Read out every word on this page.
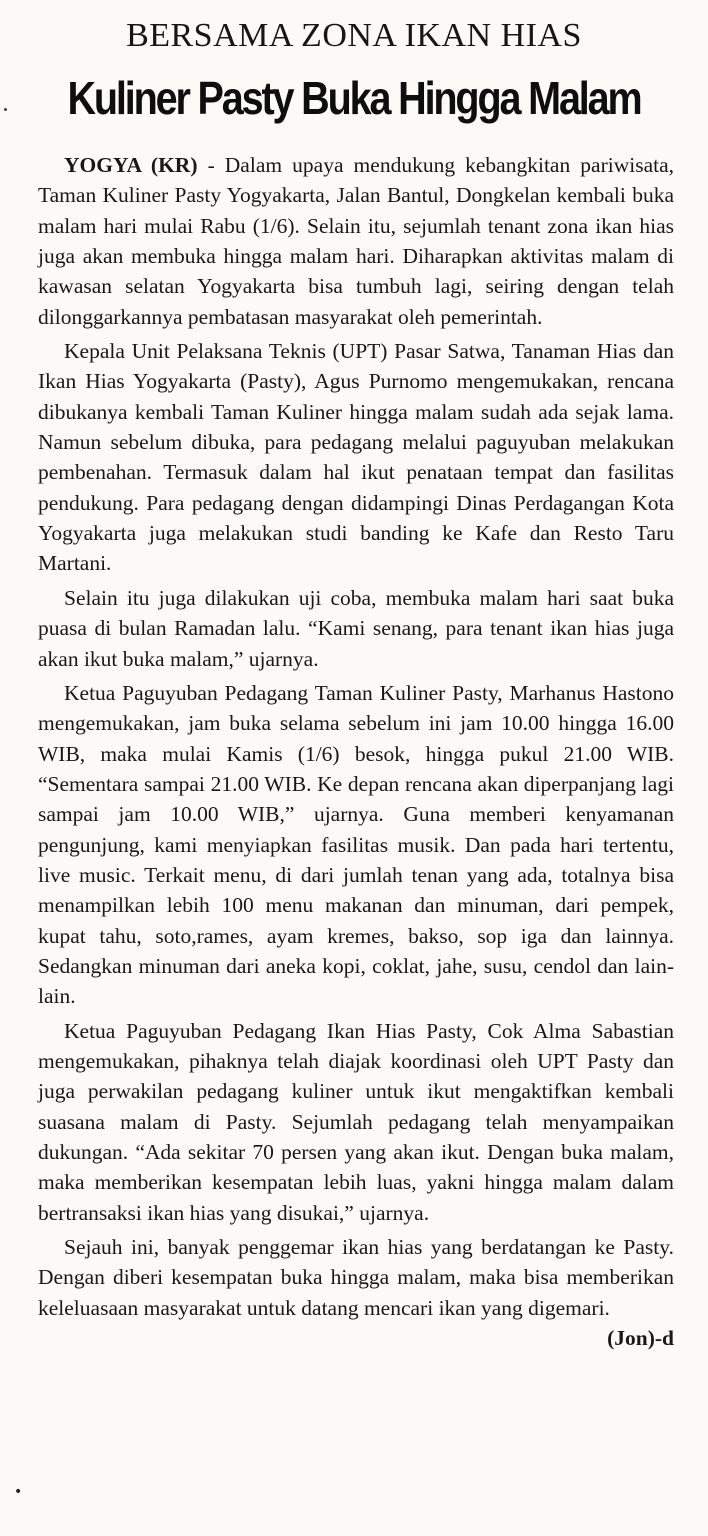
BERSAMA ZONA IKAN HIAS
Kuliner Pasty Buka Hingga Malam

YOGYA (KR) - Dalam upaya mendukung kebangkitan pariwisata, Taman Kuliner Pasty Yogyakarta, Jalan Bantul, Dongkelan kembali buka malam hari mulai Rabu (1/6). Selain itu, sejumlah tenant zona ikan hias juga akan membuka hingga malam hari. Diharapkan aktivitas malam di kawasan selatan Yogyakarta bisa tumbuh lagi, seiring dengan telah dilonggarkannya pembatasan masyarakat oleh pemerintah.

Kepala Unit Pelaksana Teknis (UPT) Pasar Satwa, Tanaman Hias dan Ikan Hias Yogyakarta (Pasty), Agus Purnomo mengemukakan, rencana dibukanya kembali Taman Kuliner hingga malam sudah ada sejak lama. Namun sebelum dibuka, para pedagang melalui paguyuban melakukan pembenahan. Termasuk dalam hal ikut penataan tempat dan fasilitas pendukung. Para pedagang dengan didampingi Dinas Perdagangan Kota Yogyakarta juga melakukan studi banding ke Kafe dan Resto Taru Martani.

Selain itu juga dilakukan uji coba, membuka malam hari saat buka puasa di bulan Ramadan lalu. “Kami senang, para tenant ikan hias juga akan ikut buka malam,” ujarnya.

Ketua Paguyuban Pedagang Taman Kuliner Pasty, Marhanus Hastono mengemukakan, jam buka selama sebelum ini jam 10.00 hingga 16.00 WIB, maka mulai Kamis (1/6) besok, hingga pukul 21.00 WIB. “Sementara sampai 21.00 WIB. Ke depan rencana akan diperpanjang lagi sampai jam 10.00 WIB,” ujarnya. Guna memberi kenyamanan pengunjung, kami menyiapkan fasilitas musik. Dan pada hari tertentu, live music. Terkait menu, di dari jumlah tenan yang ada, totalnya bisa menampilkan lebih 100 menu makanan dan minuman, dari pempek, kupat tahu, soto,rames, ayam kremes, bakso, sop iga dan lainnya. Sedangkan minuman dari aneka kopi, coklat, jahe, susu, cendol dan lain-lain.

Ketua Paguyuban Pedagang Ikan Hias Pasty, Cok Alma Sabastian mengemukakan, pihaknya telah diajak koordinasi oleh UPT Pasty dan juga perwakilan pedagang kuliner untuk ikut mengaktifkan kembali suasana malam di Pasty. Sejumlah pedagang telah menyampaikan dukungan. “Ada sekitar 70 persen yang akan ikut. Dengan buka malam, maka memberikan kesempatan lebih luas, yakni hingga malam dalam bertransaksi ikan hias yang disukai,” ujarnya.

Sejauh ini, banyak penggemar ikan hias yang berdatangan ke Pasty. Dengan diberi kesempatan buka hingga malam, maka bisa memberikan keleluasaan masyarakat untuk datang mencari ikan yang digemari.
(Jon)-d

•
